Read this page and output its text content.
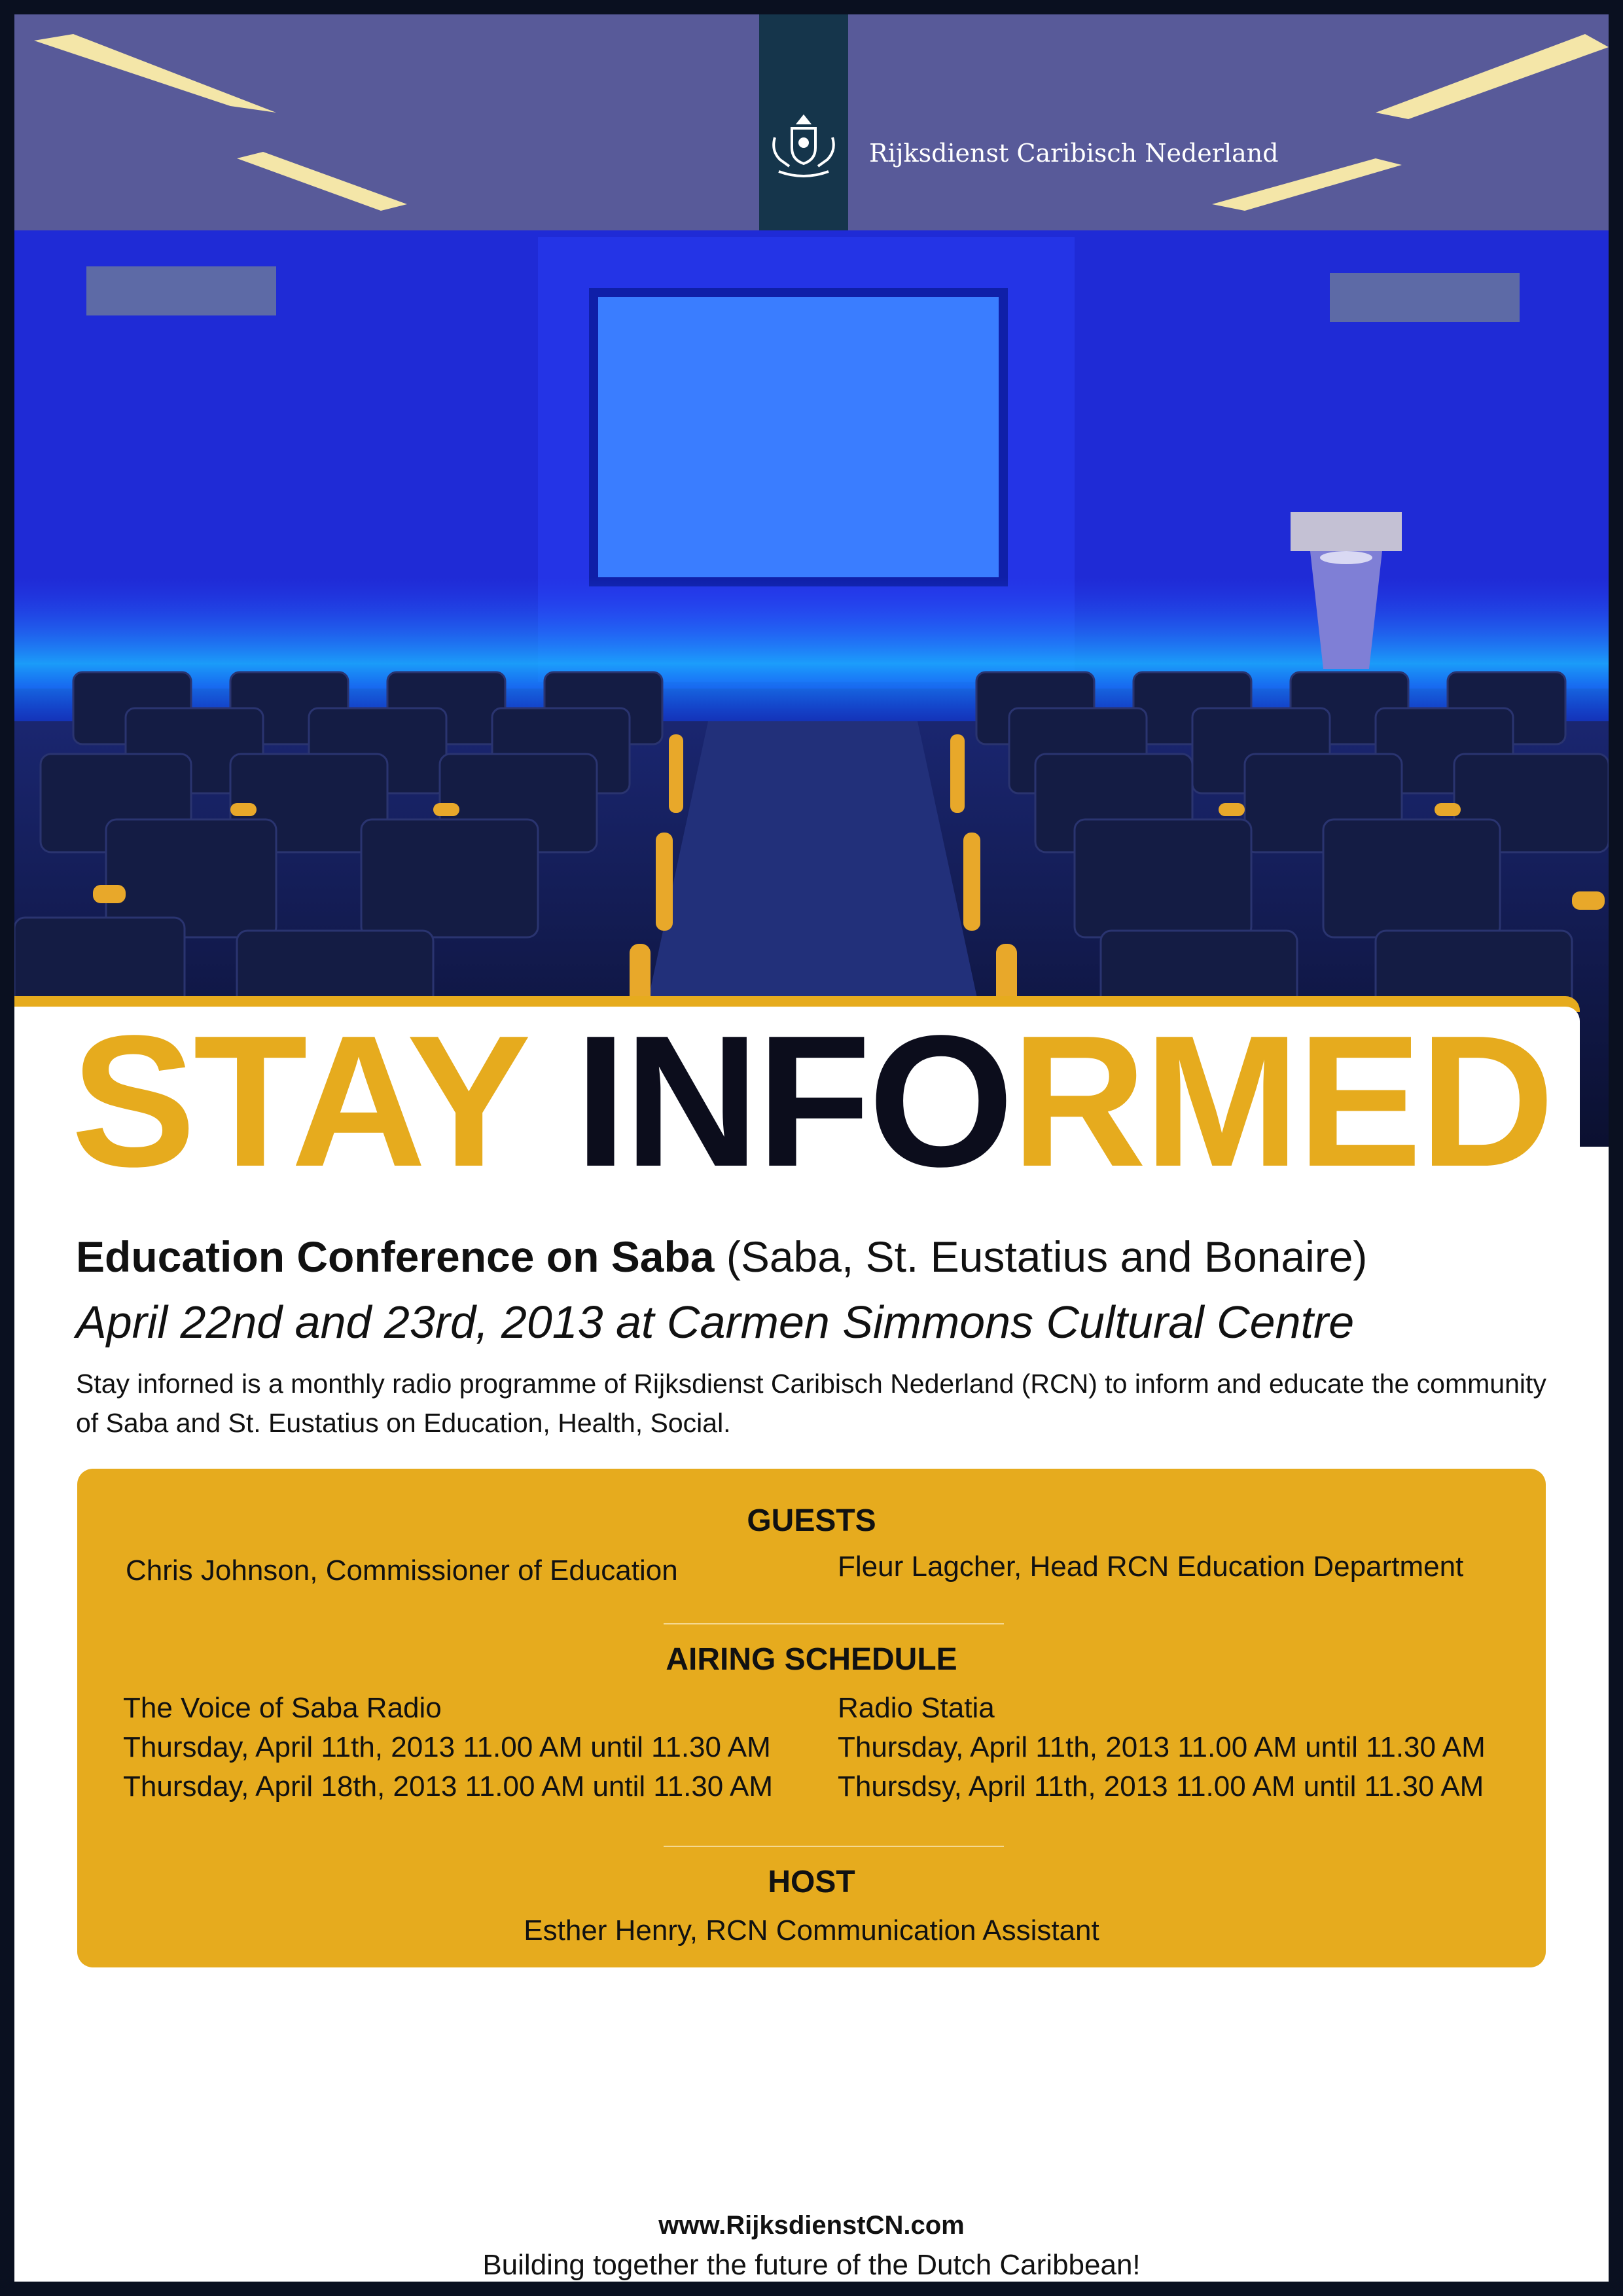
Rijksdienst Caribisch Nederland
STAY INFORMED
Education Conference on Saba (Saba, St. Eustatius and Bonaire)
April 22nd and 23rd, 2013 at Carmen Simmons Cultural Centre
Stay inforned is a monthly radio programme of Rijksdienst Caribisch Nederland (RCN) to inform and educate the community of Saba and St. Eustatius on Education, Health, Social.
GUESTS
Chris Johnson, Commissioner of Education	Fleur Lagcher, Head RCN Education Department
AIRING SCHEDULE
The Voice of Saba Radio
Thursday, April 11th, 2013 11.00 AM until 11.30 AM
Thursday, April 18th, 2013 11.00 AM until 11.30 AM
Radio Statia
Thursday, April 11th, 2013 11.00 AM until 11.30 AM
Thursdsy, April 11th, 2013 11.00 AM until 11.30 AM
HOST
Esther Henry, RCN Communication Assistant
www.RijksdienstCN.com
Building together the future of the Dutch Caribbean!
